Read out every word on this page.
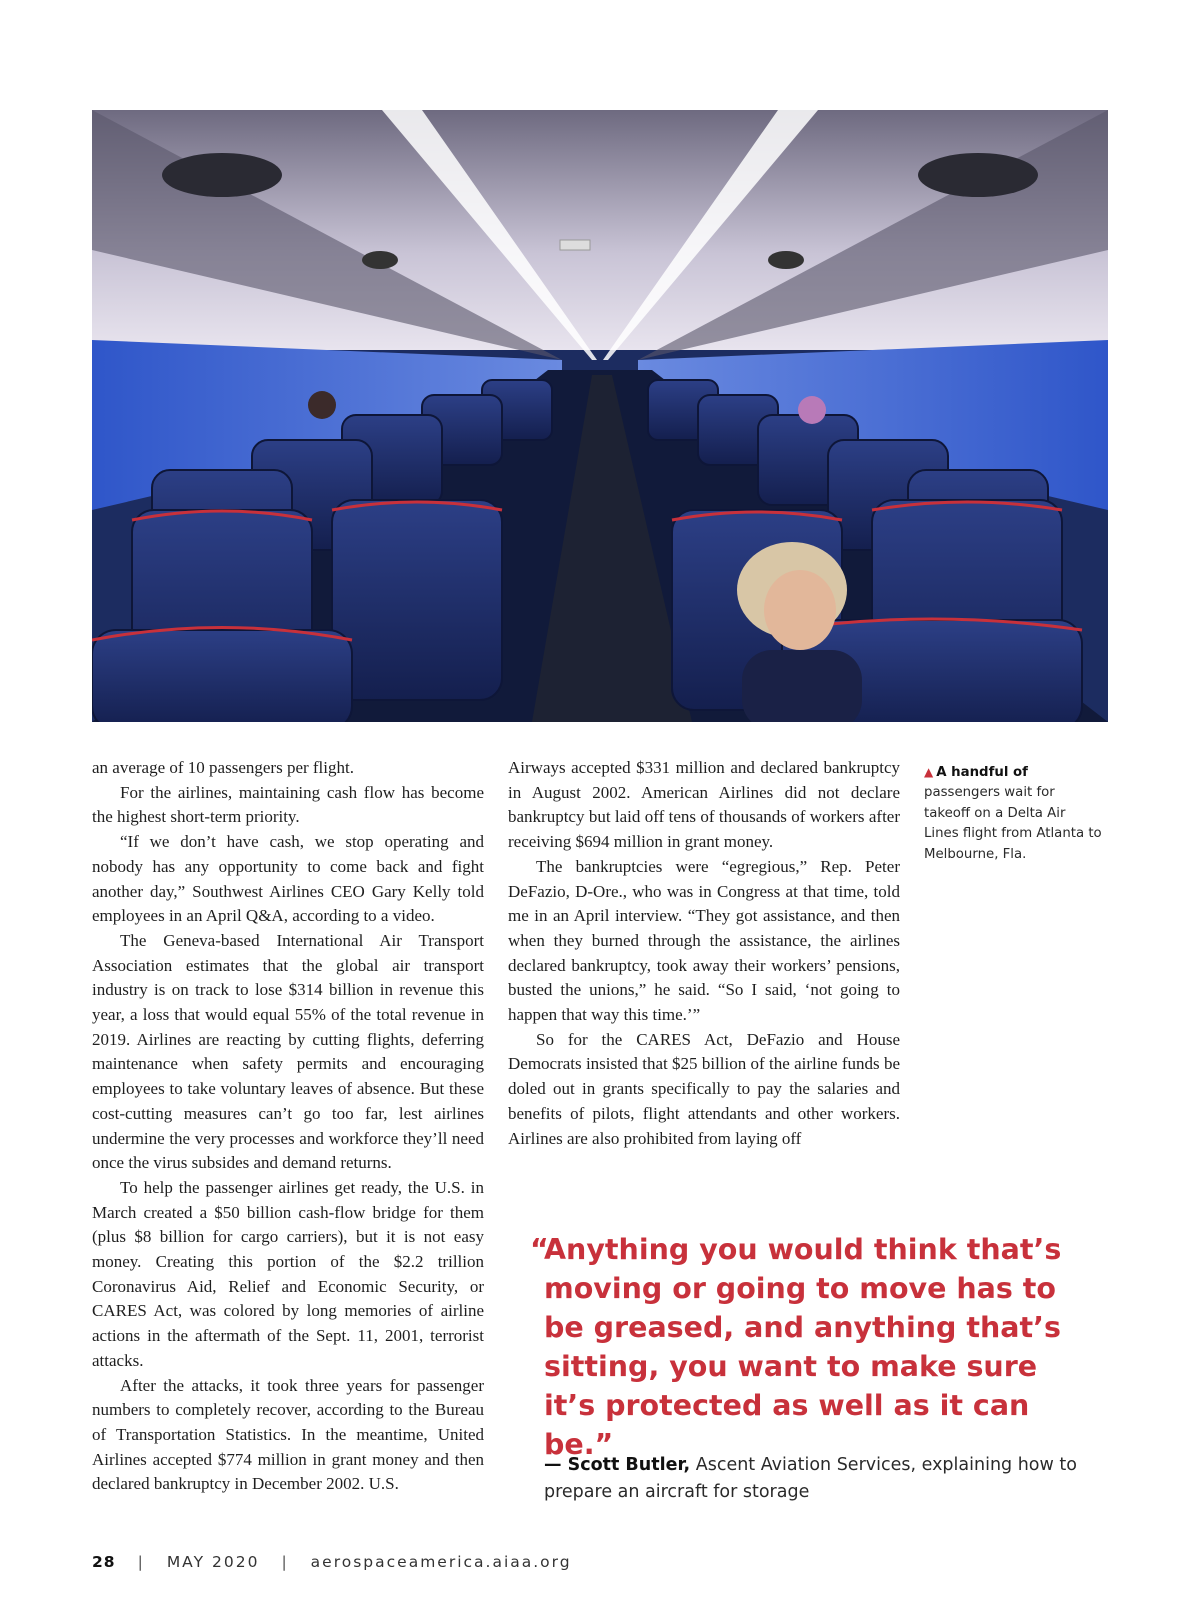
an average of 10 passengers per flight.

For the airlines, maintaining cash flow has become the highest short-term priority.

“If we don’t have cash, we stop operating and nobody has any opportunity to come back and fight another day,” Southwest Airlines CEO Gary Kelly told employees in an April Q&A, according to a video.

The Geneva-based International Air Transport Association estimates that the global air transport industry is on track to lose $314 billion in revenue this year, a loss that would equal 55% of the total revenue in 2019. Airlines are reacting by cutting flights, deferring maintenance when safety permits and encouraging employees to take voluntary leaves of absence. But these cost-cutting measures can’t go too far, lest airlines undermine the very processes and workforce they’ll need once the virus subsides and demand returns.

To help the passenger airlines get ready, the U.S. in March created a $50 billion cash-flow bridge for them (plus $8 billion for cargo carriers), but it is not easy money. Creating this portion of the $2.2 trillion Coronavirus Aid, Relief and Economic Security, or CARES Act, was colored by long memories of airline actions in the aftermath of the Sept. 11, 2001, terrorist attacks.

After the attacks, it took three years for passenger numbers to completely recover, according to the Bureau of Transportation Statistics. In the meantime, United Airlines accepted $774 million in grant money and then declared bankruptcy in December 2002. U.S.

Airways accepted $331 million and declared bankruptcy in August 2002. American Airlines did not declare bankruptcy but laid off tens of thousands of workers after receiving $694 million in grant money.

The bankruptcies were “egregious,” Rep. Peter DeFazio, D-Ore., who was in Congress at that time, told me in an April interview. “They got assistance, and then when they burned through the assistance, the airlines declared bankruptcy, took away their workers’ pensions, busted the unions,” he said. “So I said, ‘not going to happen that way this time.’”

So for the CARES Act, DeFazio and House Democrats insisted that $25 billion of the airline funds be doled out in grants specifically to pay the salaries and benefits of pilots, flight attendants and other workers. Airlines are also prohibited from laying off

▲ A handful of passengers wait for takeoff on a Delta Air Lines flight from Atlanta to Melbourne, Fla.
“
Anything you would think that’s moving or going to move has to be greased, and anything that’s sitting, you want to make sure it’s protected as well as it can be.”
— Scott Butler, Ascent Aviation Services, explaining how to prepare an aircraft for storage
28 | MAY 2020 | aerospaceamerica.aiaa.org
